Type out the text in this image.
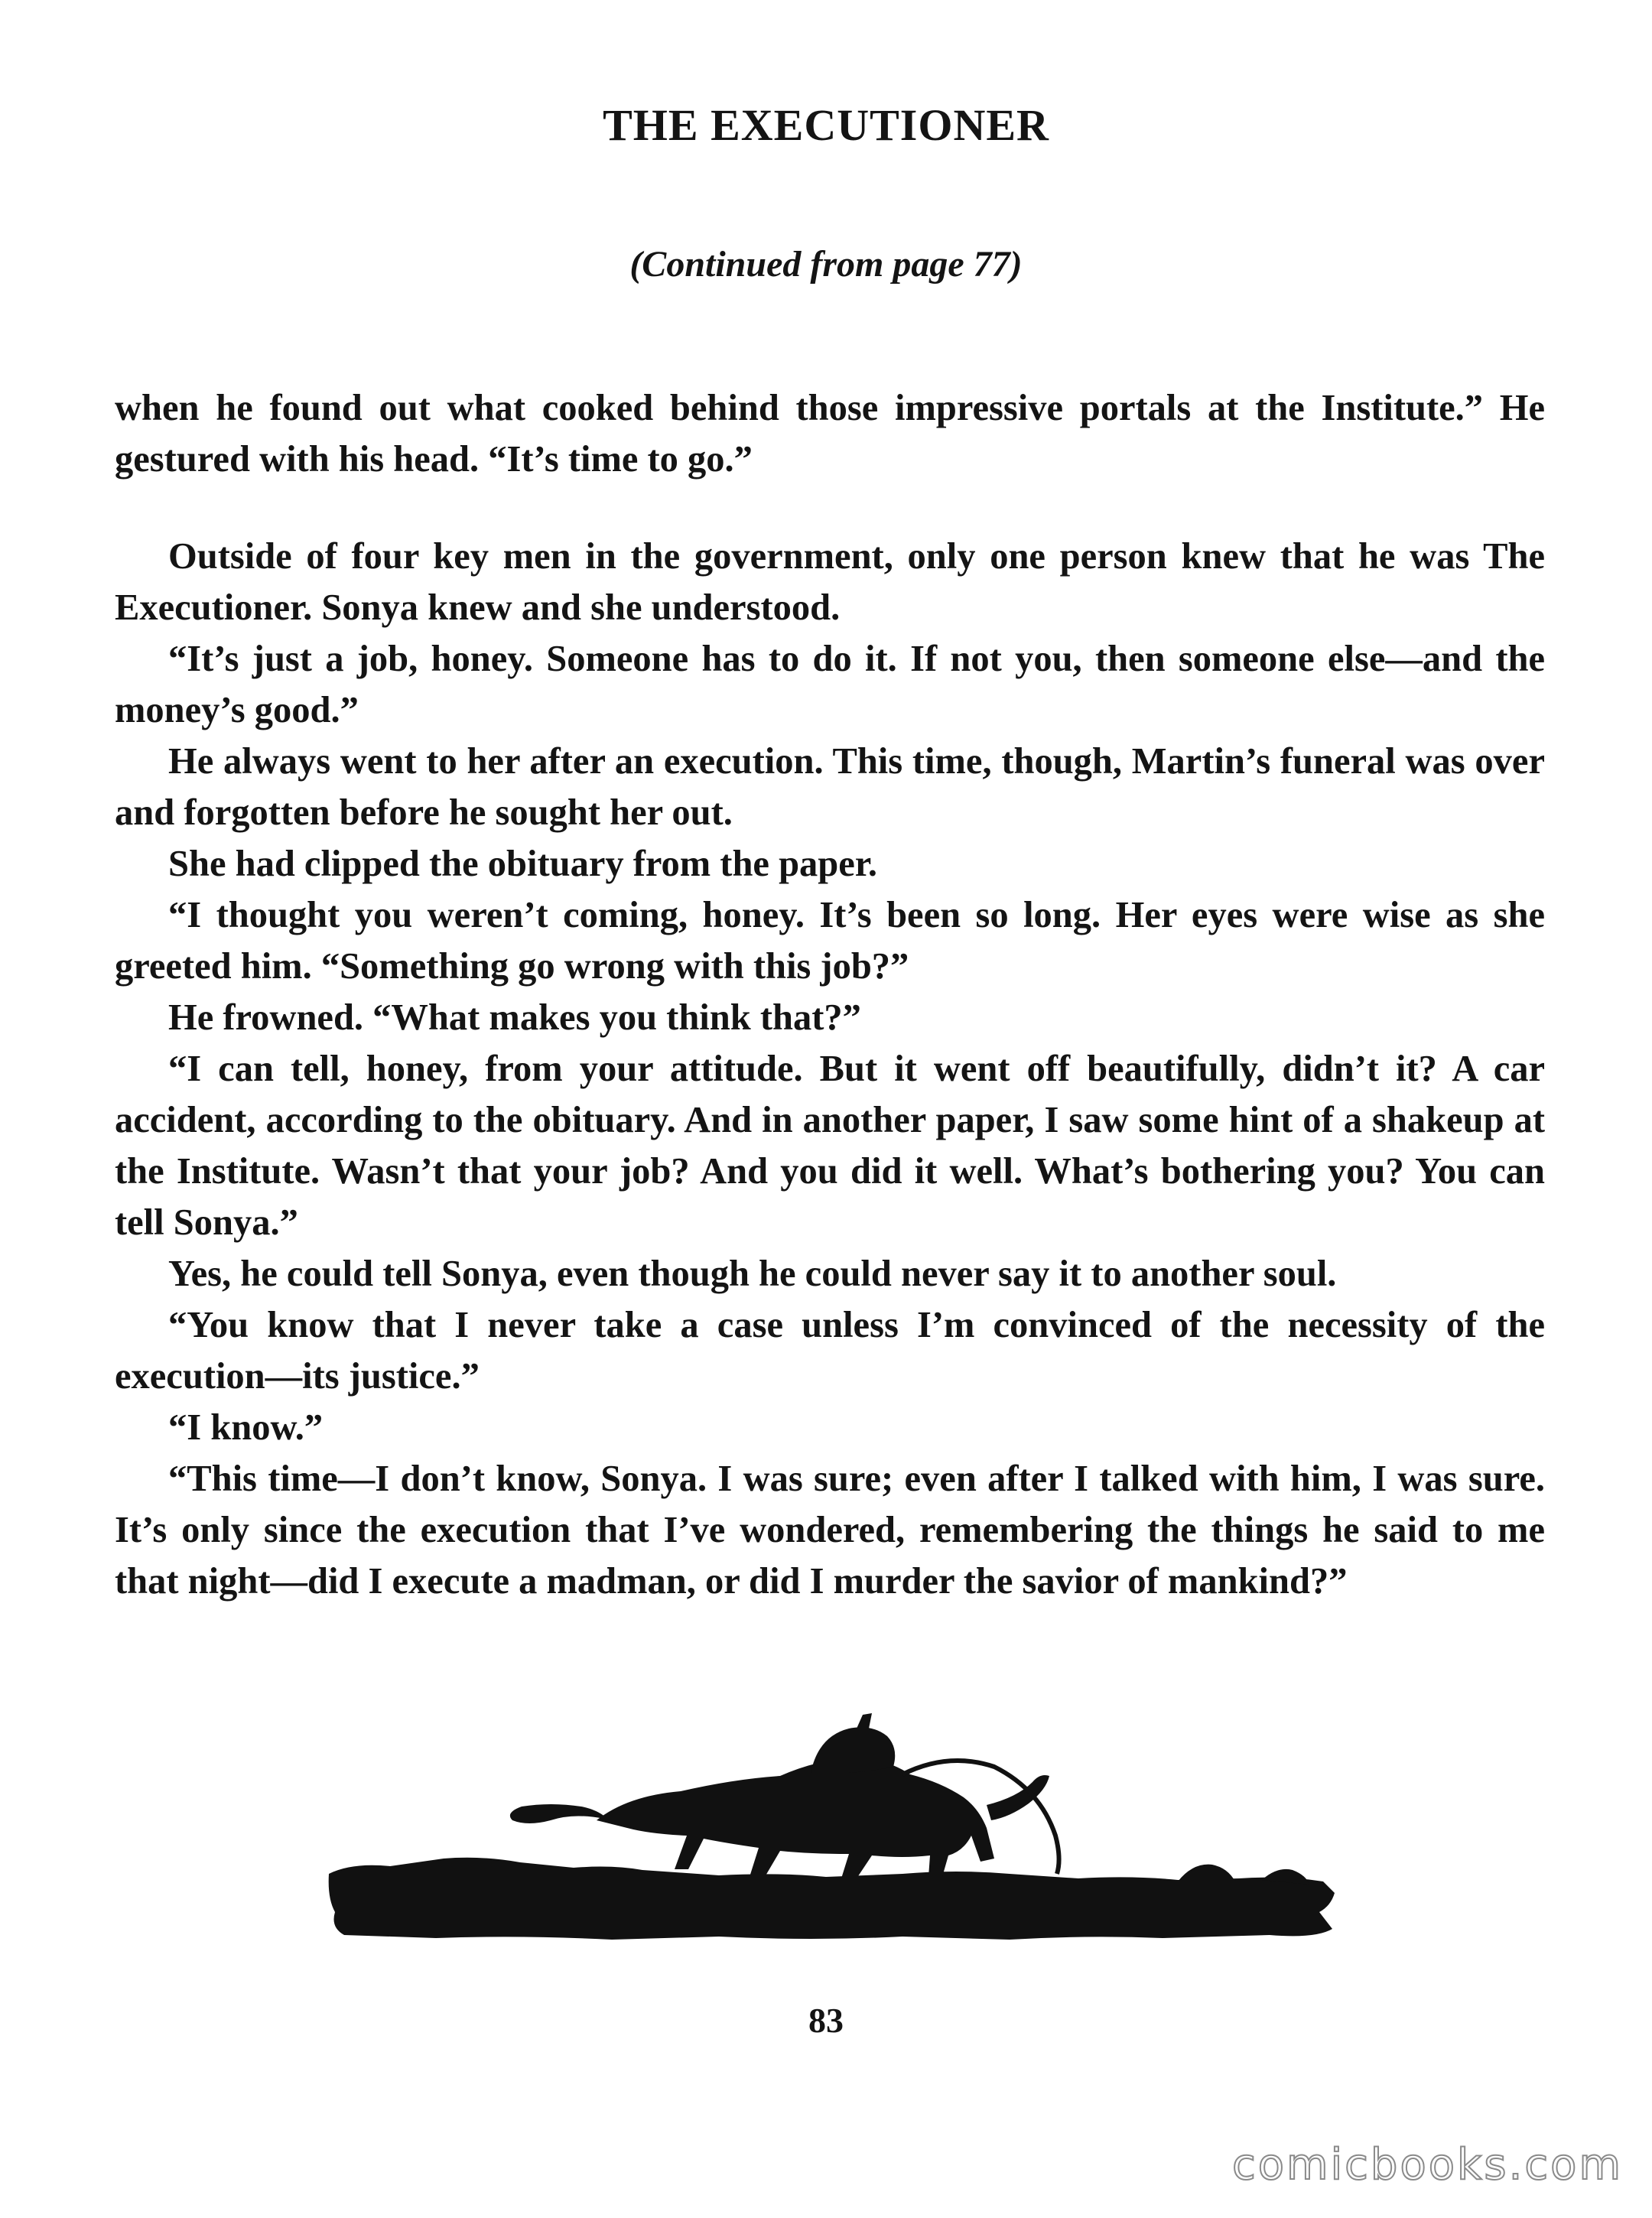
THE EXECUTIONER

(Continued from page 77)

when he found out what cooked behind those impressive portals at the Institute.” He gestured with his head. “It’s time to go.”

Outside of four key men in the government, only one person knew that he was The Executioner. Sonya knew and she understood.

“It’s just a job, honey. Someone has to do it. If not you, then someone else—and the money’s good.”

He always went to her after an execution. This time, though, Martin’s funeral was over and forgotten before he sought her out.

She had clipped the obituary from the paper.

“I thought you weren’t coming, honey. It’s been so long. Her eyes were wise as she greeted him. “Something go wrong with this job?”

He frowned. “What makes you think that?”

“I can tell, honey, from your attitude. But it went off beautifully, didn’t it? A car accident, according to the obituary. And in another paper, I saw some hint of a shakeup at the Institute. Wasn’t that your job? And you did it well. What’s bothering you? You can tell Sonya.”

Yes, he could tell Sonya, even though he could never say it to another soul.

“You know that I never take a case unless I’m convinced of the necessity of the execution—its justice.”

“I know.”

“This time—I don’t know, Sonya. I was sure; even after I talked with him, I was sure. It’s only since the execution that I’ve wondered, remembering the things he said to me that night—did I execute a madman, or did I murder the savior of mankind?”

83

comicbooks.com
